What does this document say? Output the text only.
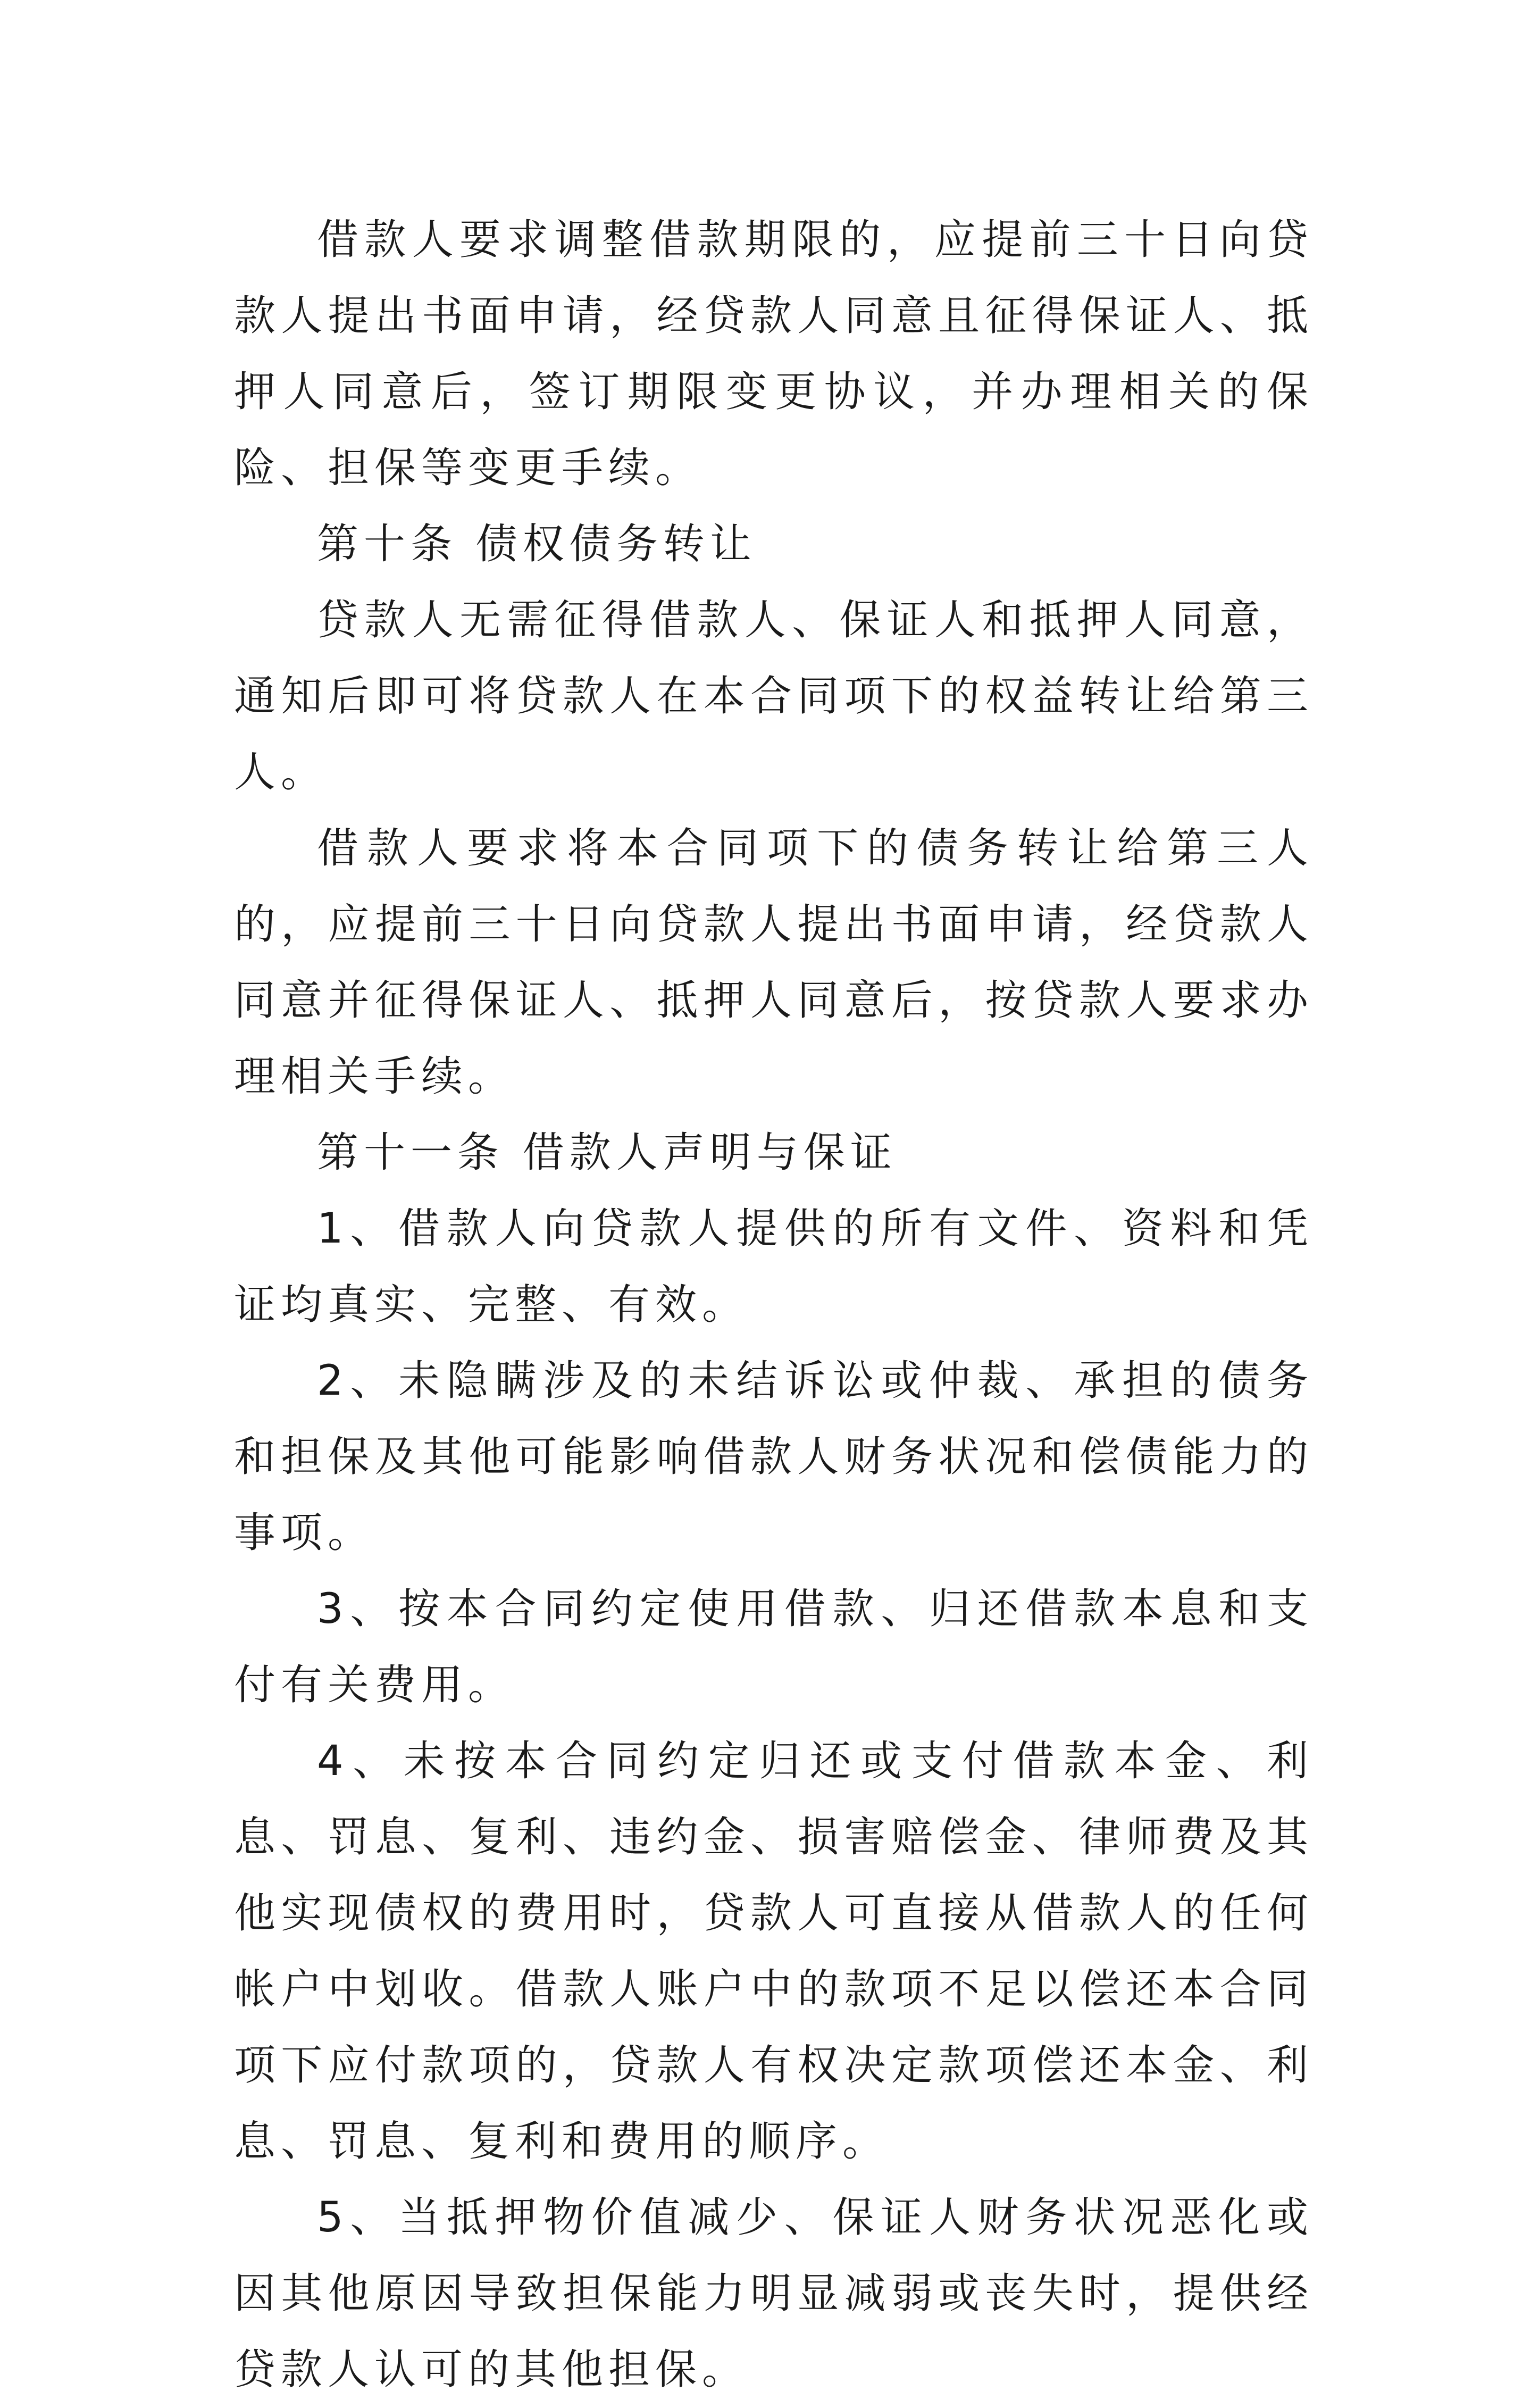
借款人要求调整借款期限的，应提前三十日向贷款人提出书面申请，经贷款人同意且征得保证人、抵押人同意后，签订期限变更协议，并办理相关的保险、担保等变更手续。

第十条 债权债务转让

贷款人无需征得借款人、保证人和抵押人同意，通知后即可将贷款人在本合同项下的权益转让给第三人。

借款人要求将本合同项下的债务转让给第三人的，应提前三十日向贷款人提出书面申请，经贷款人同意并征得保证人、抵押人同意后，按贷款人要求办理相关手续。

第十一条 借款人声明与保证

1、借款人向贷款人提供的所有文件、资料和凭证均真实、完整、有效。

2、未隐瞒涉及的未结诉讼或仲裁、承担的债务和担保及其他可能影响借款人财务状况和偿债能力的事项。

3、按本合同约定使用借款、归还借款本息和支付有关费用。

4、未按本合同约定归还或支付借款本金、利息、罚息、复利、违约金、损害赔偿金、律师费及其他实现债权的费用时，贷款人可直接从借款人的任何帐户中划收。借款人账户中的款项不足以偿还本合同项下应付款项的，贷款人有权决定款项偿还本金、利息、罚息、复利和费用的顺序。

5、当抵押物价值减少、保证人财务状况恶化或因其他原因导致担保能力明显减弱或丧失时，提供经贷款人认可的其他担保。
